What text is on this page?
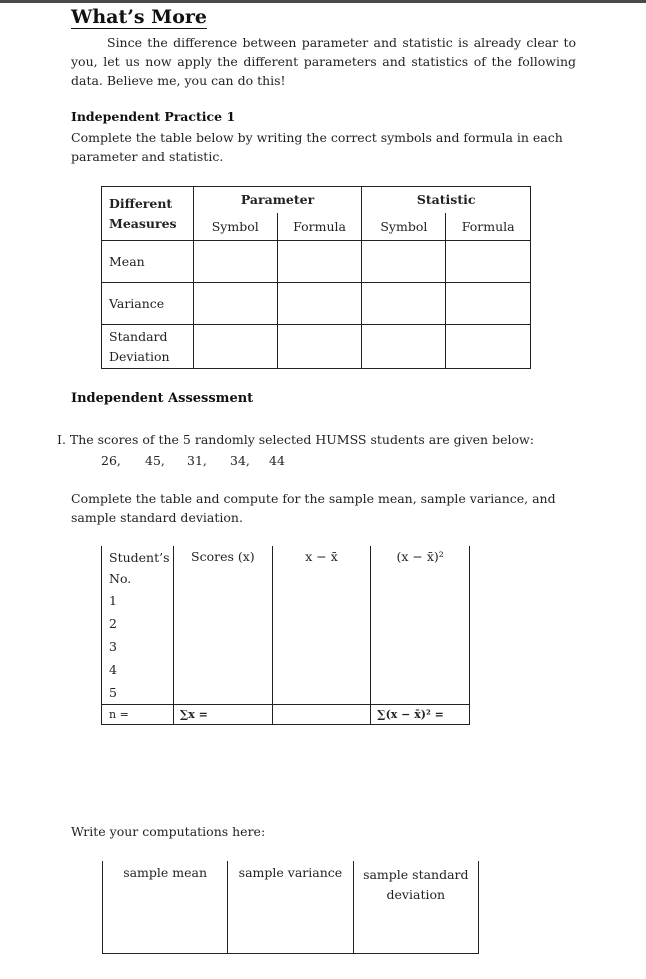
What’s More

Since the difference between parameter and statistic is already clear to you, let us now apply the different parameters and statistics of the following data. Believe me, you can do this!

Independent Practice 1

Complete the table below by writing the correct symbols and formula in each parameter and statistic.

Different
Measures	Parameter		Statistic	
	Symbol	Formula	Symbol	Formula
Mean				
Variance				
Standard Deviation				
Independent Assessment
I. The scores of the 5 randomly selected HUMSS students are given below:
26, 45, 31, 34, 44

Complete the table and compute for the sample mean, sample variance, and sample standard deviation.

Student’s	Scores (x)	x − x̄	(x − x̄)²
No.			
1			
2			
3			
4			
5			
n =	∑x =		∑(x − x̄)² =
Write your computations here:
sample mean	sample variance	sample standard
deviation
